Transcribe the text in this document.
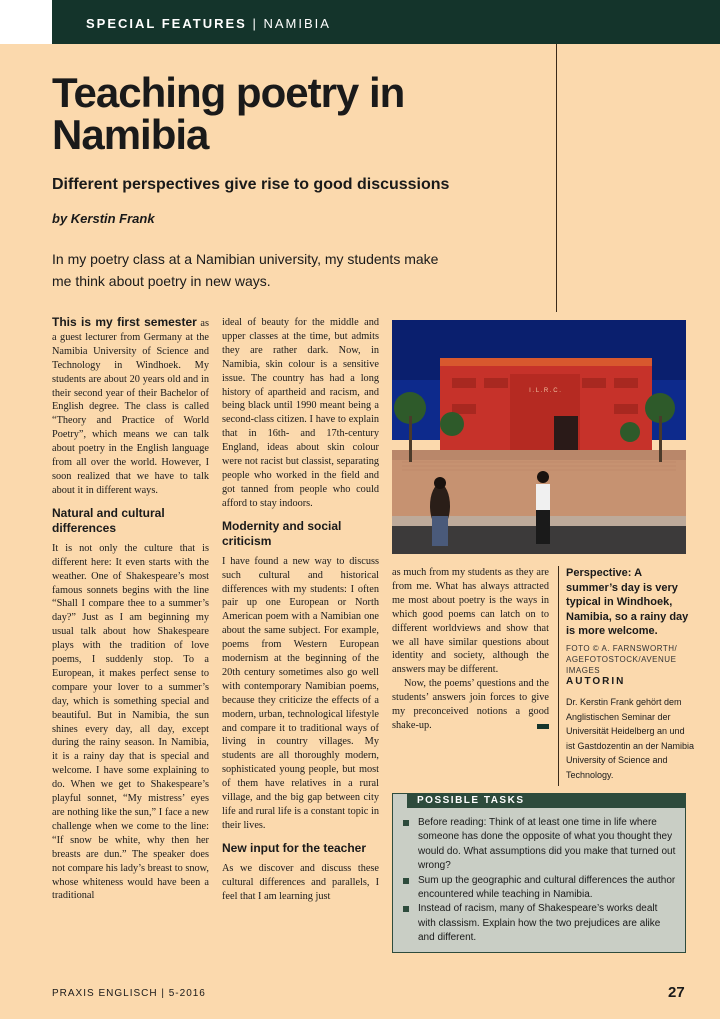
SPECIAL FEATURES | NAMIBIA
Teaching poetry in Namibia
Different perspectives give rise to good discussions
by Kerstin Frank
In my poetry class at a Namibian university, my students make me think about poetry in new ways.

This is my first semester as a guest lecturer from Germany at the Namibia University of Science and Technology in Windhoek. My students are about 20 years old and in their second year of their Bachelor of English degree. The class is called “Theory and Practice of World Poetry”, which means we can talk about poetry in the English language from all over the world. However, I soon realized that we have to talk about it in different ways.

Natural and cultural differences

It is not only the culture that is different here: It even starts with the weather. One of Shakespeare’s most famous sonnets begins with the line “Shall I compare thee to a summer’s day?” Just as I am beginning my usual talk about how Shakespeare plays with the tradition of love poems, I suddenly stop. To a European, it makes perfect sense to compare your lover to a summer’s day, which is something special and beautiful. But in Namibia, the sun shines every day, all day, except during the rainy season. In Namibia, it is a rainy day that is special and welcome. I have some explaining to do. When we get to Shakespeare’s playful sonnet, “My mistress’ eyes are nothing like the sun,” I face a new challenge when we come to the line: “If snow be white, why then her breasts are dun.” The speaker does not compare his lady’s breast to snow, whose whiteness would have been a traditional

ideal of beauty for the middle and upper classes at the time, but admits they are rather dark. Now, in Namibia, skin colour is a sensitive issue. The country has had a long history of apartheid and racism, and being black until 1990 meant being a second-class citizen. I have to explain that in 16th- and 17th-century England, ideas about skin colour were not racist but classist, separating people who worked in the field and got tanned from people who could afford to stay indoors.

Modernity and social criticism

I have found a new way to discuss such cultural and historical differences with my students: I often pair up one European or North American poem with a Namibian one about the same subject. For example, poems from Western European modernism at the beginning of the 20th century sometimes also go well with contemporary Namibian poems, because they criticize the effects of a modern, urban, technological lifestyle and compare it to traditional ways of living in country villages. My students are all thoroughly modern, sophisticated young people, but most of them have relatives in a rural village, and the big gap between city life and rural life is a constant topic in their lives.

New input for the teacher

As we discover and discuss these cultural differences and parallels, I feel that I am learning just

I . L . R . C .

as much from my students as they are from me. What has always attracted me most about poetry is the ways in which good poems can latch on to different worldviews and show that we all have similar questions about identity and society, although the answers may be different.

Now, the poems’ questions and the students’ answers join forces to give my preconceived notions a good shake-up.

Perspective: A summer’s day is very typical in Windhoek, Namibia, so a rainy day is more welcome.
FOTO © A. FARNSWORTH/ AGEFOTOSTOCK/AVENUE IMAGES
AUTORIN

Dr. Kerstin Frank gehört dem Anglistischen Seminar der Universität Heidelberg an und ist Gastdozentin an der Namibia University of Science and Technology.

POSSIBLE TASKS
Before reading: Think of at least one time in life where someone has done the opposite of what you thought they would do. What assumptions did you make that turned out wrong?
Sum up the geographic and cultural differences the author encountered while teaching in Namibia.
Instead of racism, many of Shakespeare’s works dealt with classism. Explain how the two prejudices are alike and different.
PRAXIS ENGLISCH | 5-2016	27
